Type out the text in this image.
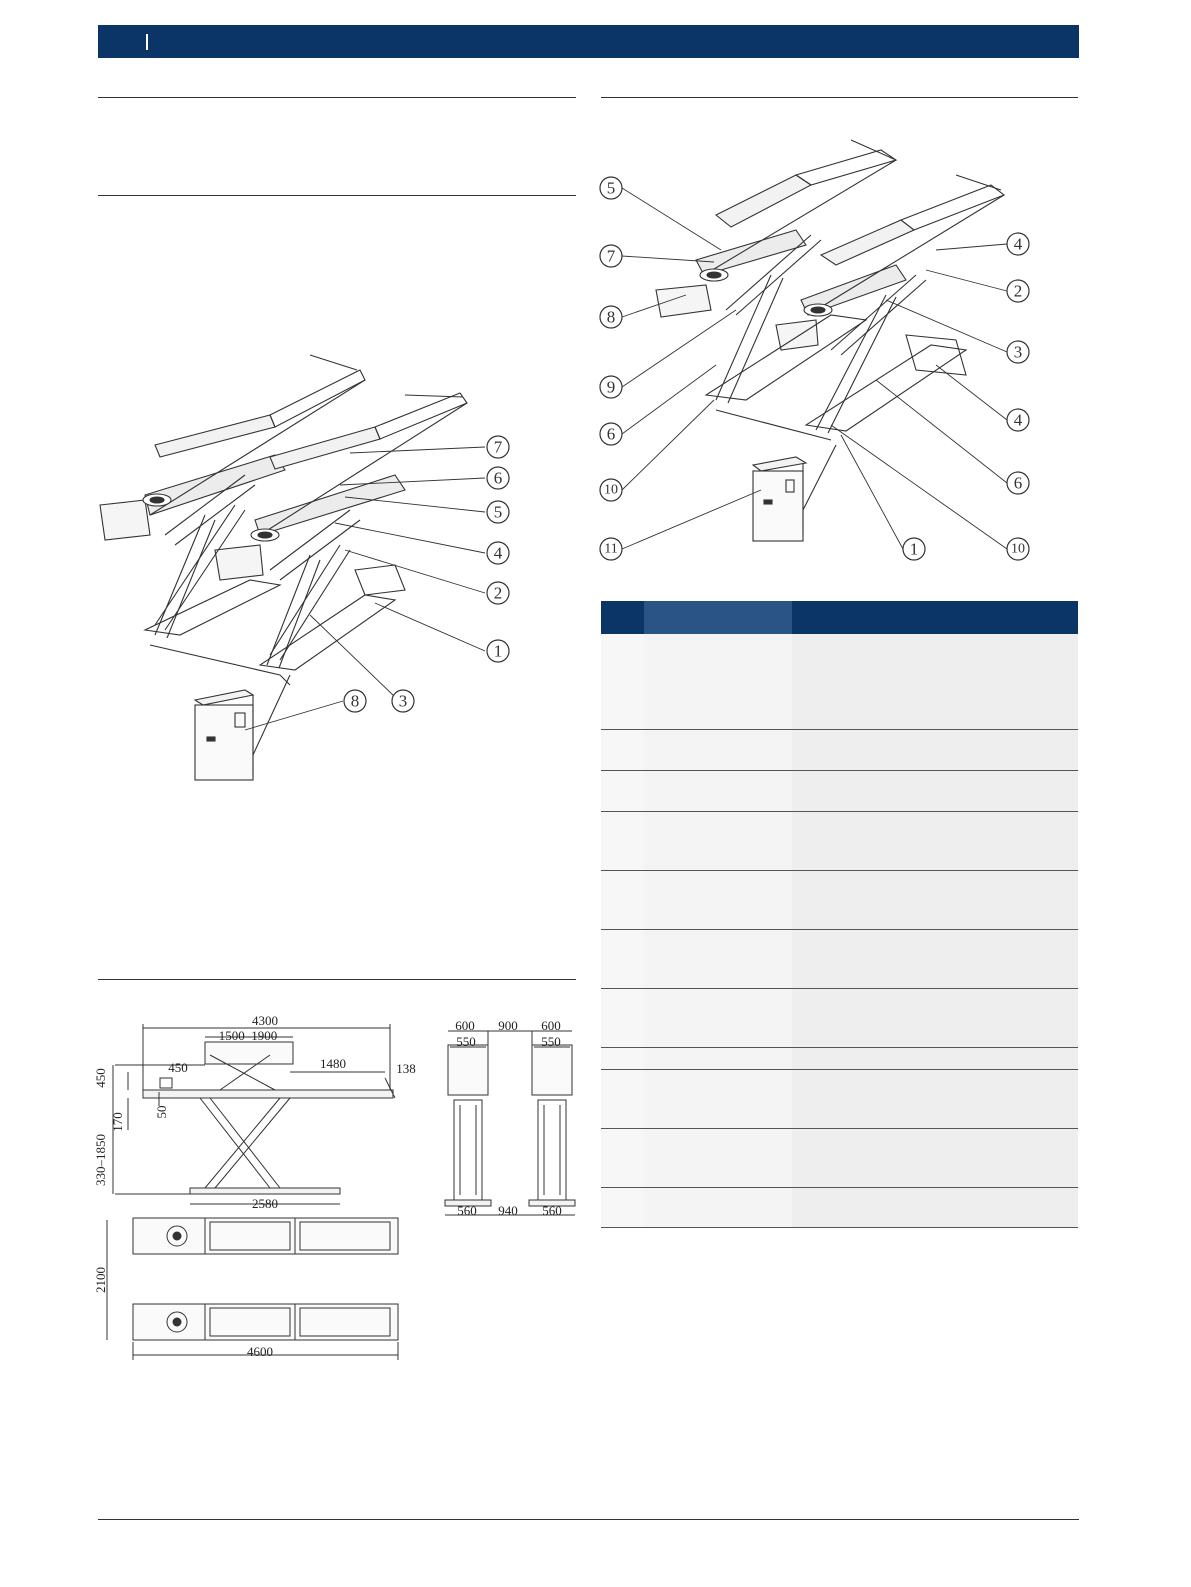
7
6
5
4
2
1
8 3
5
7
8
9
6
10
11
4
2
3
4
6
1	10
4300
1500–1900
1480	138
450
450
50
170
330–1850
2580
2100
4600
600 900 600
550	550
560 940 560
